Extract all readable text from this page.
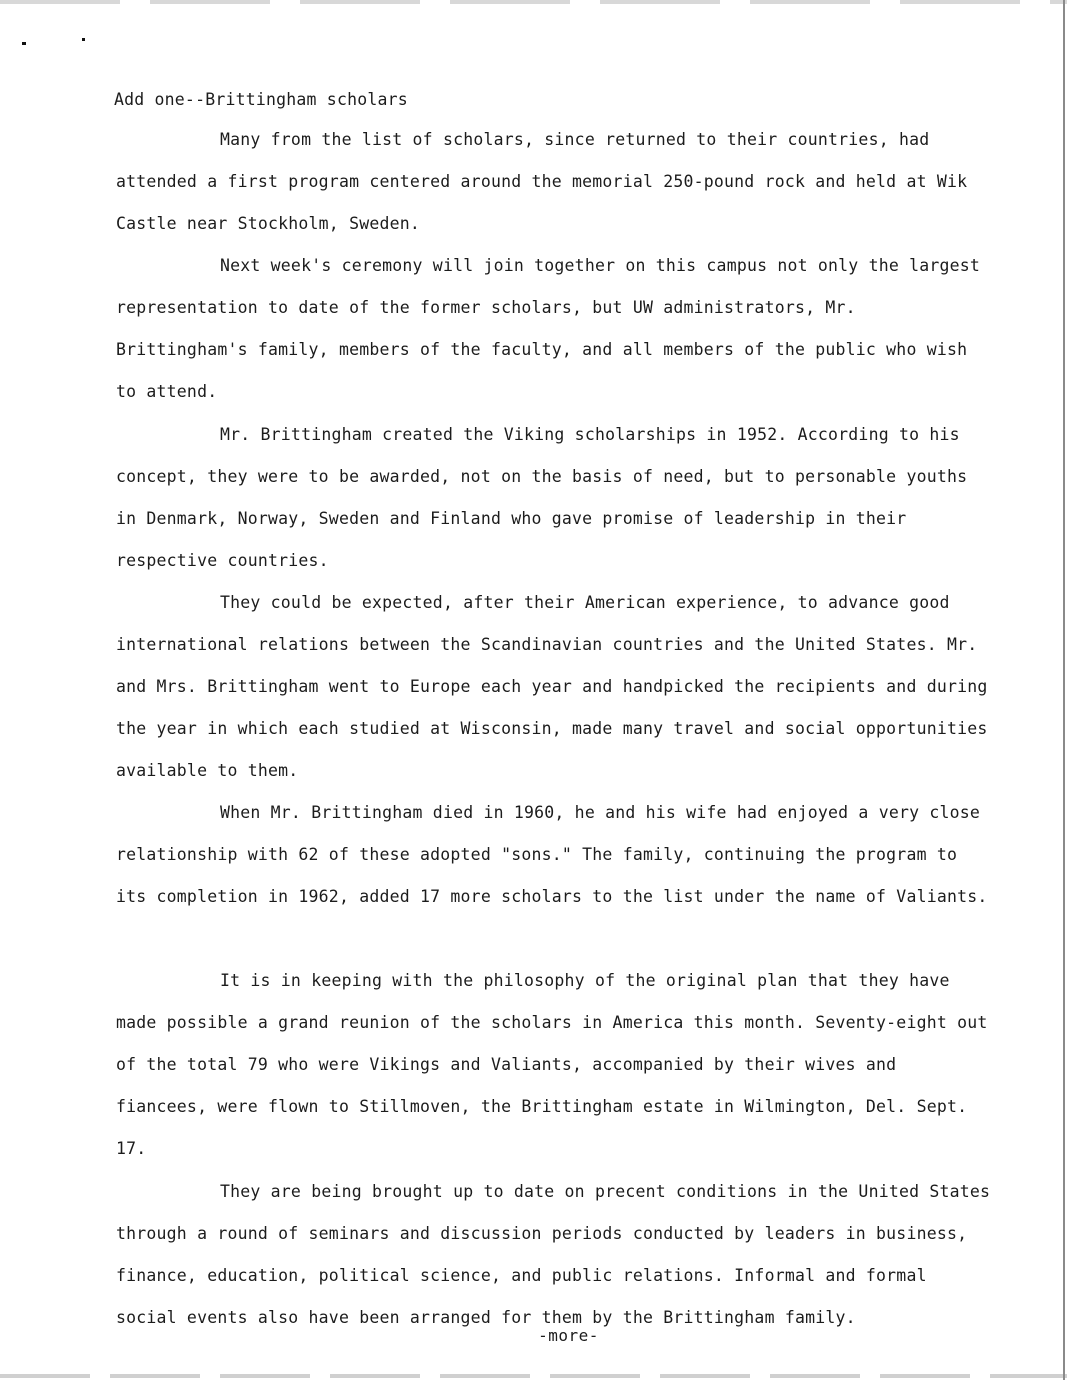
Add one--Brittingham scholars
Many from the list of scholars, since returned to their countries, had attended a first program centered around the memorial 250-pound rock and held at Wik Castle near Stockholm, Sweden.
Next week's ceremony will join together on this campus not only the largest representation to date of the former scholars, but UW administrators, Mr. Brittingham's family, members of the faculty, and all members of the public who wish to attend.
Mr. Brittingham created the Viking scholarships in 1952. According to his concept, they were to be awarded, not on the basis of need, but to personable youths in Denmark, Norway, Sweden and Finland who gave promise of leadership in their respective countries.
They could be expected, after their American experience, to advance good international relations between the Scandinavian countries and the United States. Mr. and Mrs. Brittingham went to Europe each year and handpicked the recipients and during the year in which each studied at Wisconsin, made many travel and social opportunities available to them.
When Mr. Brittingham died in 1960, he and his wife had enjoyed a very close relationship with 62 of these adopted "sons." The family, continuing the program to its completion in 1962, added 17 more scholars to the list under the name of Valiants.
It is in keeping with the philosophy of the original plan that they have made possible a grand reunion of the scholars in America this month. Seventy-eight out of the total 79 who were Vikings and Valiants, accompanied by their wives and fiancees, were flown to Stillmoven, the Brittingham estate in Wilmington, Del. Sept. 17.
They are being brought up to date on precent conditions in the United States through a round of seminars and discussion periods conducted by leaders in business, finance, education, political science, and public relations. Informal and formal social events also have been arranged for them by the Brittingham family.
-more-
